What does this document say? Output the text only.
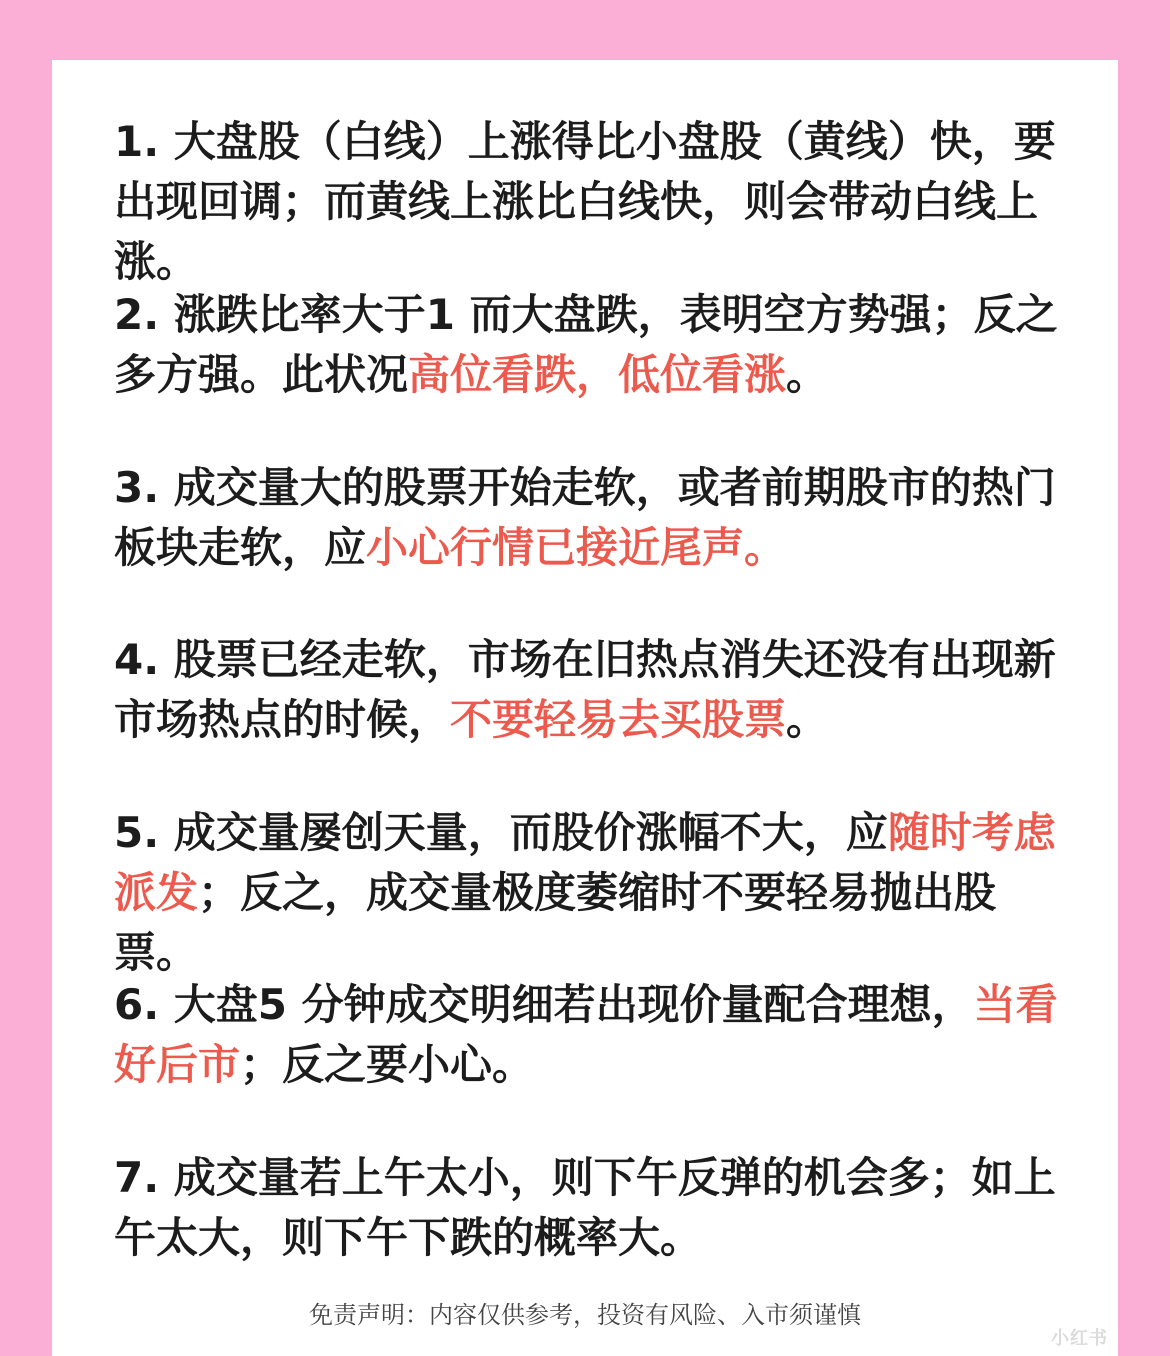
1. 大盘股（白线）上涨得比小盘股（黄线）快，要出现回调；而黄线上涨比白线快，则会带动白线上涨。
2. 涨跌比率大于1 而大盘跌，表明空方势强；反之多方强。此状况高位看跌，低位看涨。
3. 成交量大的股票开始走软，或者前期股市的热门板块走软，应小心行情已接近尾声。
4. 股票已经走软，市场在旧热点消失还没有出现新市场热点的时候，不要轻易去买股票。
5. 成交量屡创天量，而股价涨幅不大，应随时考虑派发；反之，成交量极度萎缩时不要轻易抛出股票。
6. 大盘5 分钟成交明细若出现价量配合理想，当看好后市；反之要小心。
7. 成交量若上午太小，则下午反弹的机会多；如上午太大，则下午下跌的概率大。
免责声明：内容仅供参考，投资有风险、入市须谨慎
小红书
